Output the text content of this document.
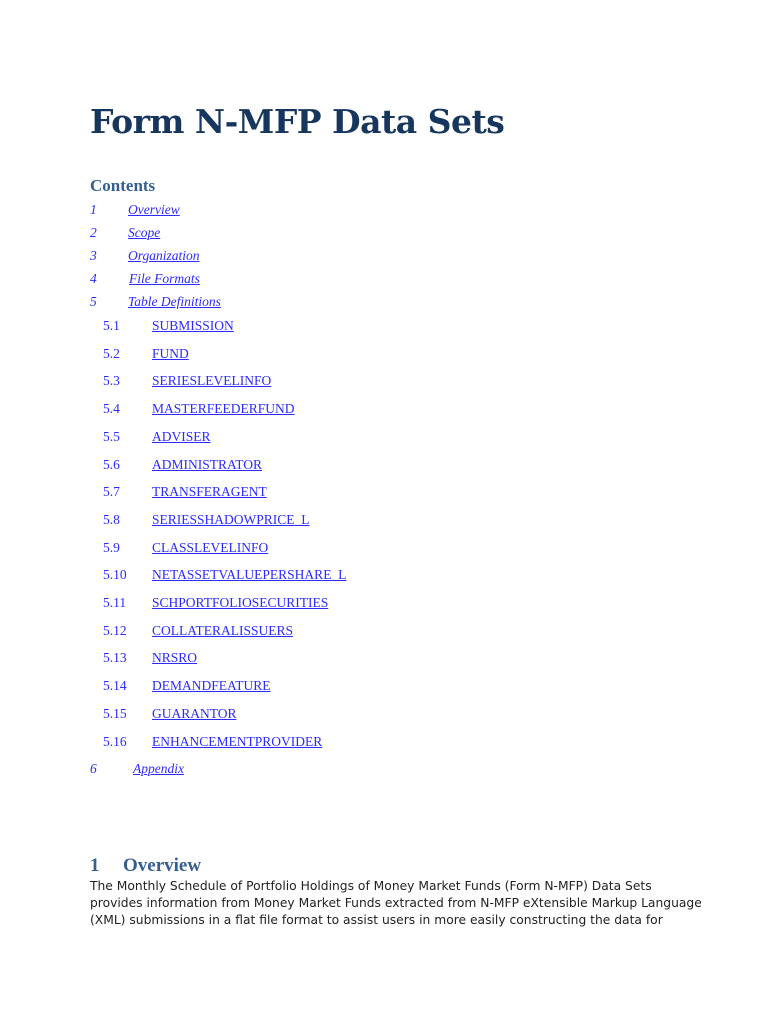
Form N-MFP Data Sets
Contents
1 Overview
2 Scope
3 Organization
4 File Formats
5 Table Definitions
5.1 SUBMISSION
5.2 FUND
5.3 SERIESLEVELINFO
5.4 MASTERFEEDERFUND
5.5 ADVISER
5.6 ADMINISTRATOR
5.7 TRANSFERAGENT
5.8 SERIESSHADOWPRICE_L
5.9 CLASSLEVELINFO
5.10 NETASSETVALUEPERSHARE_L
5.11 SCHPORTFOLIOSECURITIES
5.12 COLLATERALISSUERS
5.13 NRSRO
5.14 DEMANDFEATURE
5.15 GUARANTOR
5.16 ENHANCEMENTPROVIDER
6	Appendix
1 Overview
The Monthly Schedule of Portfolio Holdings of Money Market Funds (Form N-MFP) Data Sets
provides information from Money Market Funds extracted from N-MFP eXtensible Markup Language
(XML) submissions in a flat file format to assist users in more easily constructing the data for
